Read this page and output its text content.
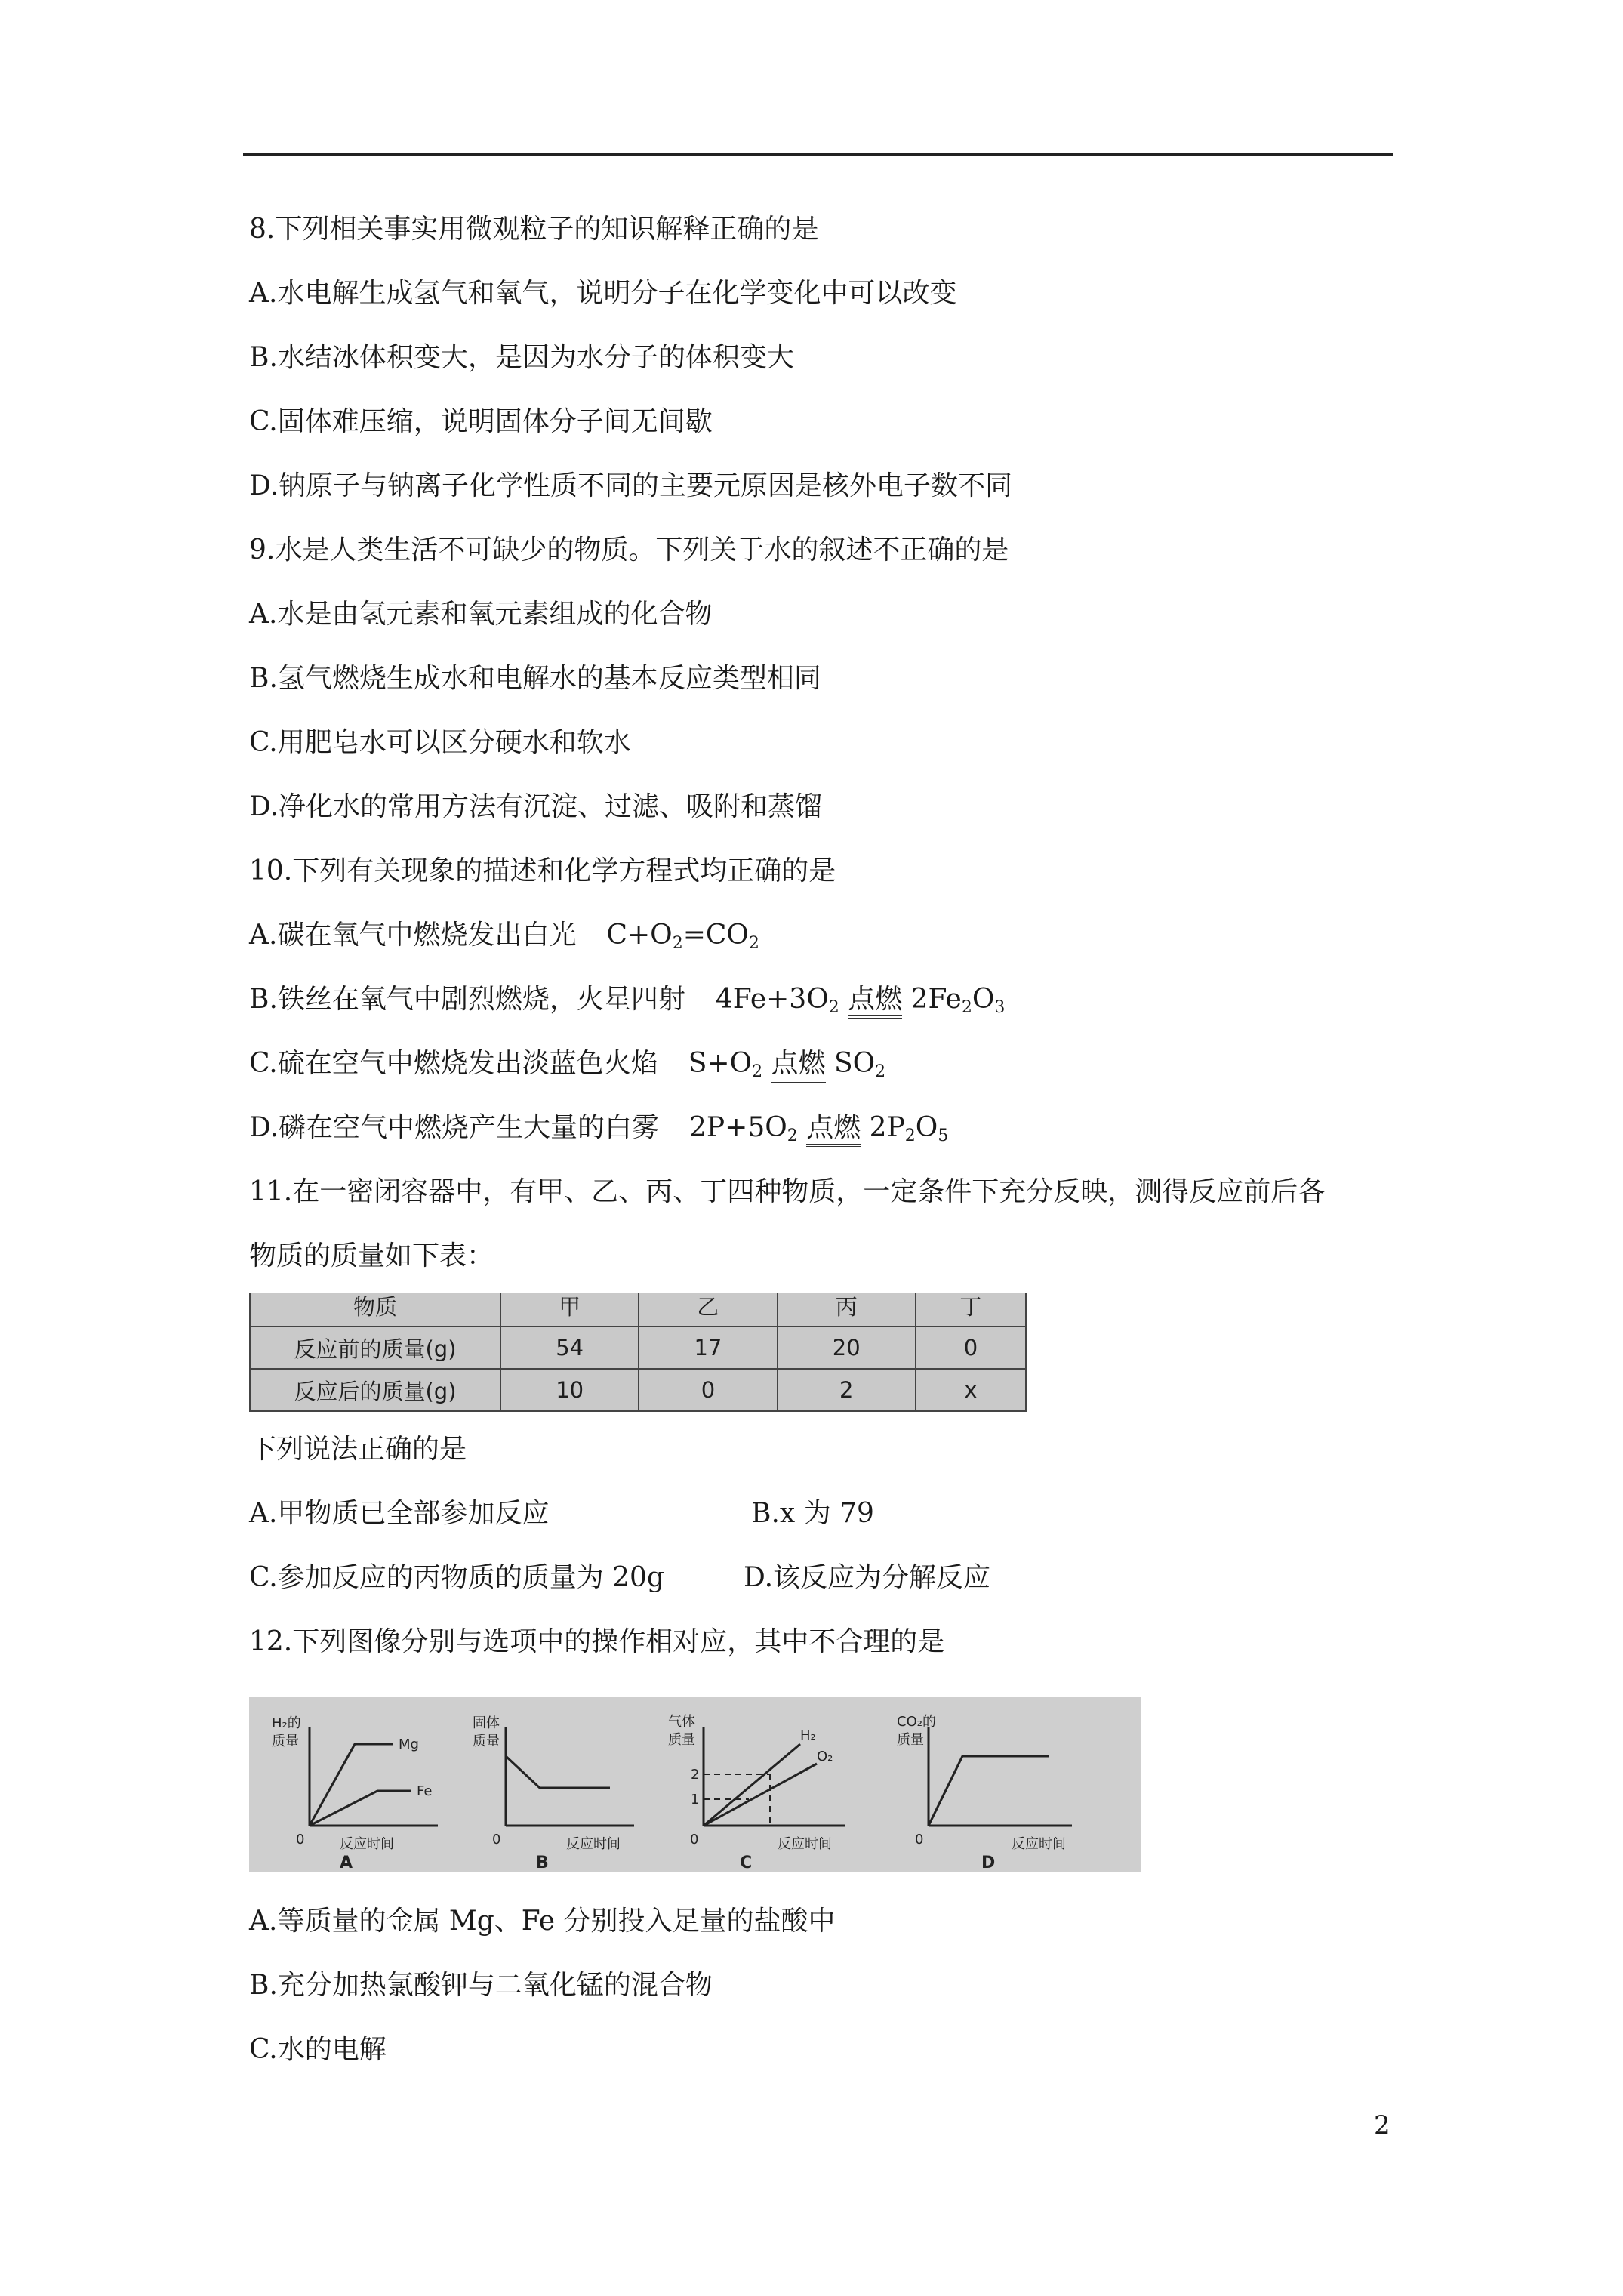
8.下列相关事实用微观粒子的知识解释正确的是
A.水电解生成氢气和氧气，说明分子在化学变化中可以改变
B.水结冰体积变大，是因为水分子的体积变大
C.固体难压缩，说明固体分子间无间歇
D.钠原子与钠离子化学性质不同的主要元原因是核外电子数不同
9.水是人类生活不可缺少的物质。下列关于水的叙述不正确的是
A.水是由氢元素和氧元素组成的化合物
B.氢气燃烧生成水和电解水的基本反应类型相同
C.用肥皂水可以区分硬水和软水
D.净化水的常用方法有沉淀、过滤、吸附和蒸馏
10.下列有关现象的描述和化学方程式均正确的是
A.碳在氧气中燃烧发出白光 $C+O_2=CO_2$
B.铁丝在氧气中剧烈燃烧，火星四射 $4Fe+3O_2$ 点燃 $2Fe_2O_3$
C.硫在空气中燃烧发出淡蓝色火焰 $S+O_2$ 点燃 $SO_2$
D.磷在空气中燃烧产生大量的白雾 $2P+5O_2$ 点燃 $2P_2O_5$
11.在一密闭容器中，有甲、乙、丙、丁四种物质，一定条件下充分反映，测得反应前后各
物质的质量如下表：
物质	甲	乙	丙	丁
反应前的质量(g)	54	17	20	0
反应后的质量(g)	10	0	2	x
下列说法正确的是
A.甲物质已全部参加反应	B.x 为 79
C.参加反应的丙物质的质量为 20g	D.该反应为分解反应
12.下列图像分别与选项中的操作相对应，其中不合理的是
H₂的
质量	Mg
Fe
0	反应时间
A
固体
质量
0	反应时间
B
气体
质量
2
1
H₂
O₂
0	反应时间
C
CO₂的
质量
0	反应时间
D
A.等质量的金属 Mg、Fe 分别投入足量的盐酸中
B.充分加热氯酸钾与二氧化锰的混合物
C.水的电解
2
